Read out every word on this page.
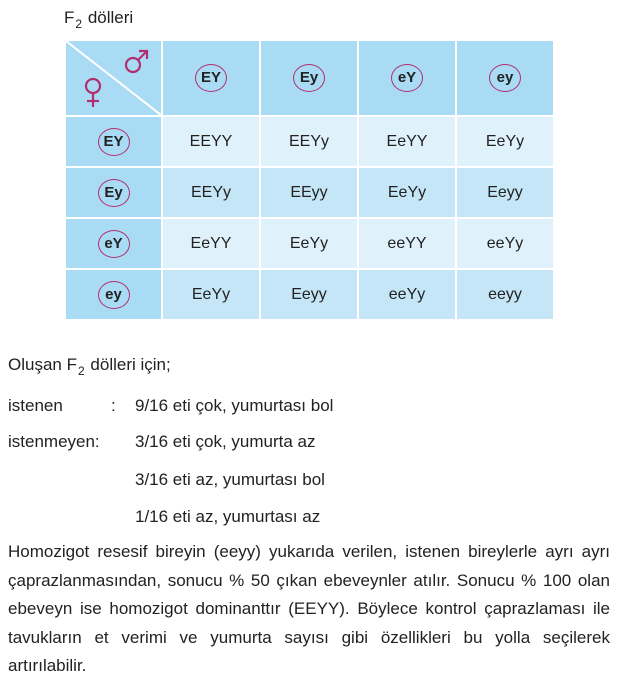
$F_2$ dölleri
	EY	Ey	eY	ey
EY	EEYY	EEYy	EeYY	EeYy
Ey	EEYy	EEyy	EeYy	Eeyy
eY	EeYY	EeYy	eeYY	eeYy
ey	EeYy	Eeyy	eeYy	eeyy
Oluşan $F_2$ dölleri için;
istenen	: 9/16 eti çok, yumurtası bol
istenmeyen: 3/16 eti çok, yumurta az
3/16 eti az, yumurtası bol
1/16 eti az, yumurtası az
Homozigot resesif bireyin (eeyy) yukarıda verilen, istenen bireylerle ayrı ayrı çaprazlanmasından, sonucu % 50 çıkan ebeveynler atılır. Sonucu % 100 olan ebeveyn ise homozigot dominanttır (EEYY). Böylece kontrol çaprazlaması ile tavukların et verimi ve yumurta sayısı gibi özellikleri bu yolla seçilerek artırılabilir.
